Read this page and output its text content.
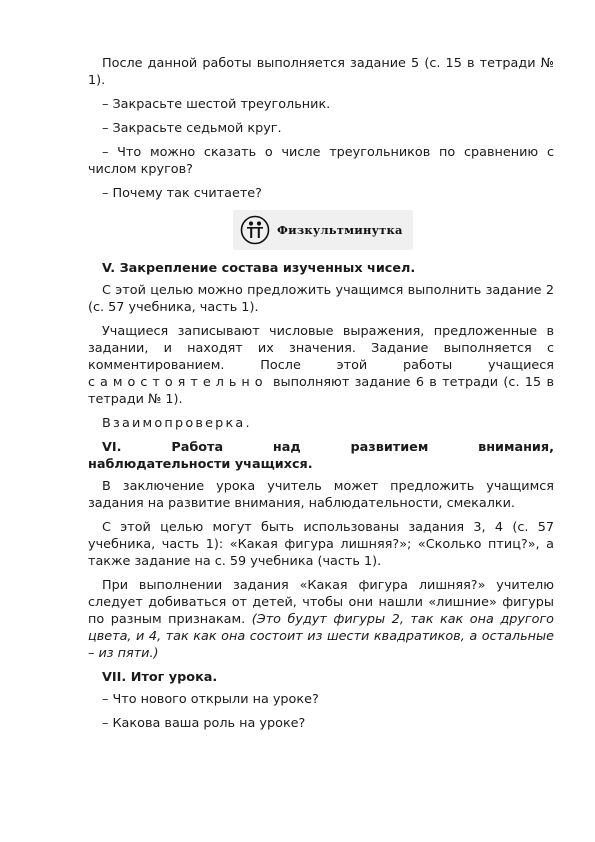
После данной работы выполняется задание 5 (с. 15 в тетради № 1).

– Закрасьте шестой треугольник.

– Закрасьте седьмой круг.

– Что можно сказать о числе треугольников по сравнению с числом кругов?

– Почему так считаете?

Физкультминутка

V. Закрепление состава изученных чисел.

С этой целью можно предложить учащимся выполнить задание 2 (с. 57 учебника, часть 1).

Учащиеся записывают числовые выражения, предложенные в задании, и находят их значения. Задание выполняется с комментированием. После этой работы учащиеся самостоятельно выполняют задание 6 в тетради (с. 15 в тетради № 1).

Взаимопроверка.

VI.	Работа	над	развитием	внимания,

наблюдательности учащихся.

В заключение урока учитель может предложить учащимся задания на развитие внимания, наблюдательности, смекалки.

С этой целью могут быть использованы задания 3, 4 (с. 57 учебника, часть 1): «Какая фигура лишняя?»; «Сколько птиц?», а также задание на с. 59 учебника (часть 1).

При выполнении задания «Какая фигура лишняя?» учителю следует добиваться от детей, чтобы они нашли «лишние» фигуры по разным признакам. (Это будут фигуры 2, так как она другого цвета, и 4, так как она состоит из шести квадратиков, а остальные – из пяти.)

VII. Итог урока.

– Что нового открыли на уроке?

– Какова ваша роль на уроке?
